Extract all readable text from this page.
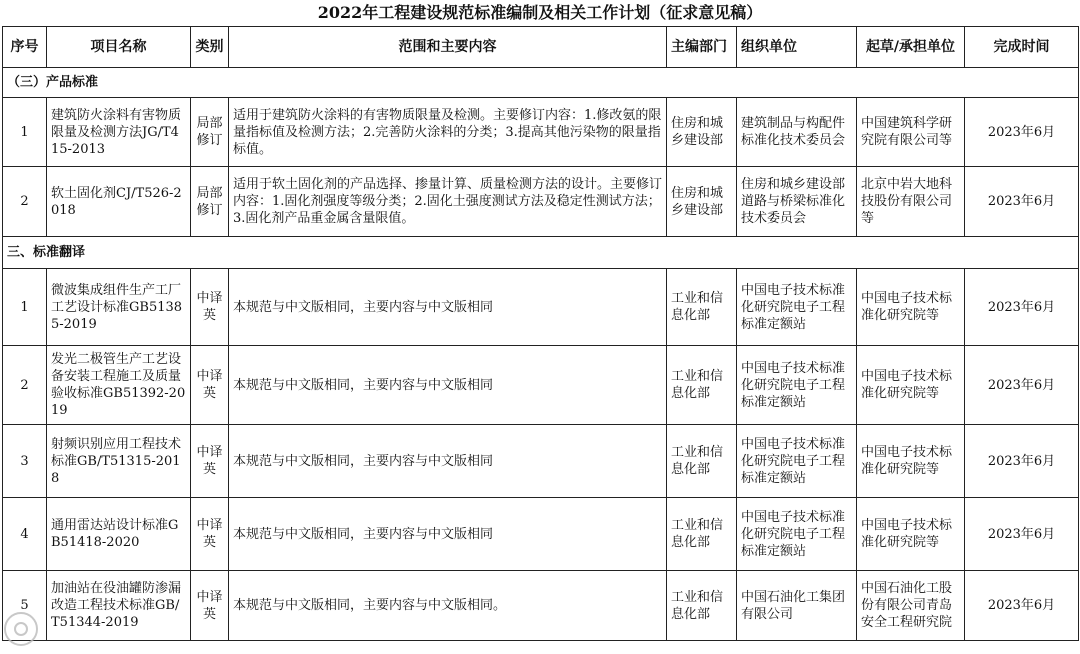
2022年工程建设规范标准编制及相关工作计划（征求意见稿）
序号	项目名称	类别	范围和主要内容	主编部门	组织单位	起草/承担单位	完成时间
（三）产品标准							
1	建筑防火涂料有害物质限量及检测方法JG/T415-2013	局部修订	适用于建筑防火涂料的有害物质限量及检测。主要修订内容：1.修改氨的限量指标值及检测方法；2.完善防火涂料的分类；3.提高其他污染物的限量指标值。	住房和城乡建设部	建筑制品与构配件标准化技术委员会	中国建筑科学研究院有限公司等	2023年6月
2	软土固化剂CJ/T526-2018	局部修订	适用于软土固化剂的产品选择、掺量计算、质量检测方法的设计。主要修订内容：1.固化剂强度等级分类；2.固化土强度测试方法及稳定性测试方法；3.固化剂产品重金属含量限值。	住房和城乡建设部	住房和城乡建设部道路与桥梁标准化技术委员会	北京中岩大地科技股份有限公司等	2023年6月
三、标准翻译							
1	微波集成组件生产工厂工艺设计标准GB51385-2019	中译英	本规范与中文版相同，主要内容与中文版相同	工业和信息化部	中国电子技术标准化研究院电子工程标准定额站	中国电子技术标准化研究院等	2023年6月
2	发光二极管生产工艺设备安装工程施工及质量验收标准GB51392-2019	中译英	本规范与中文版相同，主要内容与中文版相同	工业和信息化部	中国电子技术标准化研究院电子工程标准定额站	中国电子技术标准化研究院等	2023年6月
3	射频识别应用工程技术标准GB/T51315-2018	中译英	本规范与中文版相同，主要内容与中文版相同	工业和信息化部	中国电子技术标准化研究院电子工程标准定额站	中国电子技术标准化研究院等	2023年6月
4	通用雷达站设计标准GB51418-2020	中译英	本规范与中文版相同，主要内容与中文版相同	工业和信息化部	中国电子技术标准化研究院电子工程标准定额站	中国电子技术标准化研究院等	2023年6月
5	加油站在役油罐防渗漏改造工程技术标准GB/T51344-2019	中译英	本规范与中文版相同，主要内容与中文版相同。	工业和信息化部	中国石油化工集团有限公司	中国石油化工股份有限公司青岛安全工程研究院	2023年6月
